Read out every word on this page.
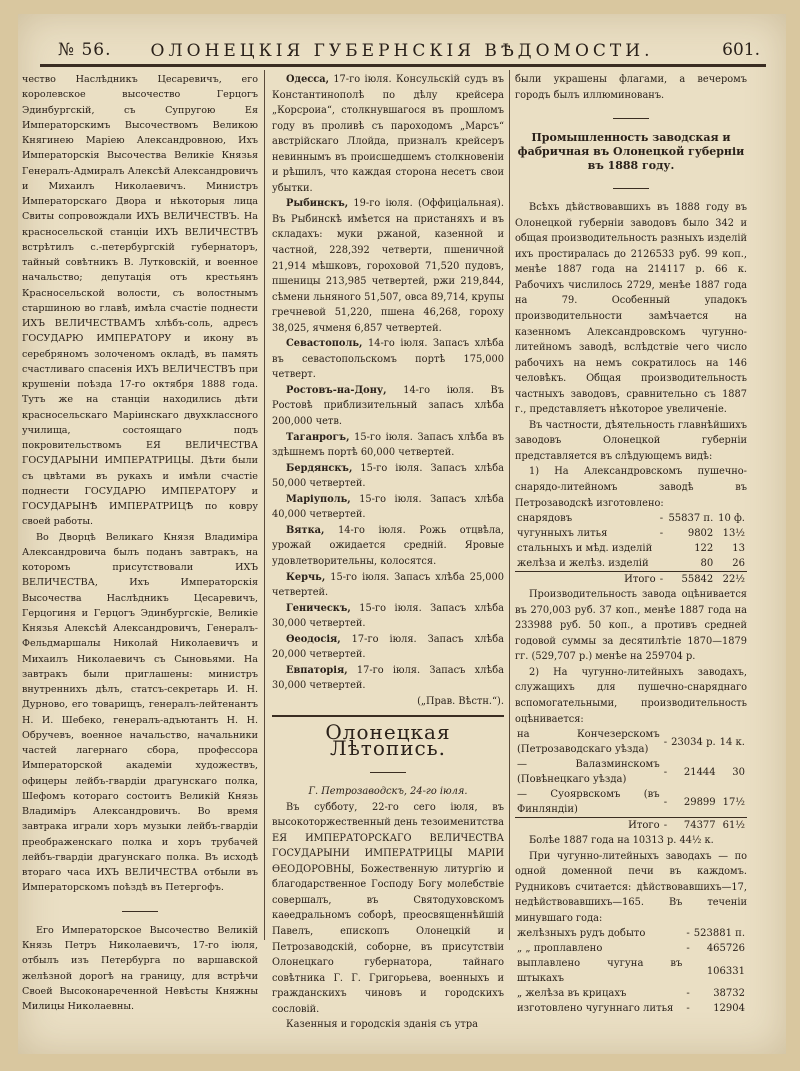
№ 56.	ОЛОНЕЦКІЯ ГУБЕРНСКІЯ ВѢДОМОСТИ.	601.

чество Наслѣдникъ Цесаревичъ, его королевское высочество Герцогъ Эдинбургскій, съ Супругою Ея Императорскимъ Высочествомъ Великою Княгинею Маріею Александровною, Ихъ Императорскія Высочества Великіе Князья Генералъ-Адмиралъ Алексѣй Александровичъ и Михаилъ Николаевичъ. Министръ Императорскаго Двора и нѣкоторыя лица Свиты сопровождали ИХЪ ВЕЛИЧЕСТВЪ. На красносельской станціи ИХЪ ВЕЛИЧЕСТВЪ встрѣтилъ с.-петербургскій губернаторъ, тайный совѣтникъ В. Лутковскій, и военное начальство; депутація отъ крестьянъ Красносельской волости, съ волостнымъ старшиною во главѣ, имѣла счастіе поднести ИХЪ ВЕЛИЧЕСТВАМЪ хлѣбъ-соль, адресъ ГОСУДАРЮ ИМПЕРАТОРУ и икону въ серебряномъ золоченомъ окладѣ, въ память счастливаго спасенія ИХЪ ВЕЛИЧЕСТВЪ при крушеніи поѣзда 17-го октября 1888 года. Тутъ же на станціи находились дѣти красносельскаго Маріинскаго двухклассного училища, состоящаго подъ покровительствомъ ЕЯ ВЕЛИЧЕСТВА ГОСУДАРЫНИ ИМПЕРАТРИЦЫ. Дѣти были съ цвѣтами въ рукахъ и имѣли счастіе поднести ГОСУДАРЮ ИМПЕРАТОРУ и ГОСУДАРЫНѢ ИМПЕРАТРИЦѢ по ковру своей работы.

Во Дворцѣ Великаго Князя Владиміра Александровича былъ поданъ завтракъ, на которомъ присутствовали ИХЪ ВЕЛИЧЕСТВА, Ихъ Императорскія Высочества Наслѣдникъ Цесаревичъ, Герцогиня и Герцогъ Эдинбургскіе, Великіе Князья Алексѣй Александровичъ, Генералъ-Фельдмаршалы Николай Николаевичъ и Михаилъ Николаевичъ съ Сыновьями. На завтракъ были приглашены: министръ внутреннихъ дѣлъ, статсъ-секретарь И. Н. Дурново, его товарищъ, генералъ-лейтенантъ Н. И. Шебеко, генералъ-адъютантъ Н. Н. Обручевъ, военное начальство, начальники частей лагернаго сбора, профессора Императорской академіи художествъ, офицеры лейбъ-гвардіи драгунскаго полка, Шефомъ котораго состоитъ Великій Князь Владиміръ Александровичъ. Во время завтрака играли хоръ музыки лейбъ-гвардіи преображенскаго полка и хоръ трубачей лейбъ-гвардіи драгунскаго полка. Въ исходѣ втораго часа ИХЪ ВЕЛИЧЕСТВА отбыли въ Императорскомъ поѣздѣ въ Петергофъ.

Его Императорское Высочество Великій Князь Петръ Николаевичъ, 17-го іюля, отбылъ изъ Петербурга по варшавской желѣзной дорогѣ на границу, для встрѣчи Своей Высоконареченной Невѣсты Княжны Милицы Николаевны.

Одесса, 17-го іюля. Консульскій судъ въ Константинополѣ по дѣлу крейсера „Корсроиа“, столкнувшагося въ прошломъ году въ проливѣ съ пароходомъ „Марсъ“ австрійскаго Ллойда, призналъ крейсеръ невиннымъ въ происшедшемъ столкновеніи и рѣшилъ, что каждая сторона несетъ свои убытки.

Рыбинскъ, 19-го іюля. (Оффиціальная). Въ Рыбинскѣ имѣется на пристаняхъ и въ складахъ: муки ржаной, казенной и частной, 228,392 четверти, пшеничной 21,914 мѣшковъ, гороховой 71,520 пудовъ, пшеницы 213,985 четвертей, ржи 219,844, сѣмени льняного 51,507, овса 89,714, крупы гречневой 51,220, пшена 46,268, гороху 38,025, ячменя 6,857 четвертей.

Севастополь, 14-го іюля. Запасъ хлѣба въ севастопольскомъ портѣ 175,000 четверт.

Ростовъ-на-Дону, 14-го іюля. Въ Ростовѣ приблизительный запасъ хлѣба 200,000 четв.

Таганрогъ, 15-го іюля. Запасъ хлѣба въ здѣшнемъ портѣ 60,000 четвертей.

Бердянскъ, 15-го іюля. Запасъ хлѣба 50,000 четвертей.

Маріуполь, 15-го іюля. Запасъ хлѣба 40,000 четвертей.

Вятка, 14-го іюля. Рожь отцвѣла, урожай ожидается средній. Яровые удовлетворительны, колосятся.

Керчь, 15-го іюля. Запасъ хлѣба 25,000 четвертей.

Геническъ, 15-го іюля. Запасъ хлѣба 30,000 четвертей.

Ѳеодосія, 17-го іюля. Запасъ хлѣба 20,000 четвертей.

Евпаторія, 17-го іюля. Запасъ хлѣба 30,000 четвертей.

(„Прав. Вѣстн.“).
Олонецкая Лѣтопись.

Г. Петрозаводскъ, 24-го іюля.

Въ субботу, 22-го сего іюля, въ высокоторжественный день тезоименитства ЕЯ ИМПЕРАТОРСКАГО ВЕЛИЧЕСТВА ГОСУДАРЫНИ ИМПЕРАТРИЦЫ МАРІИ ѲЕОДОРОВНЫ, Божественную литургію и благодарственное Господу Богу молебствіе совершалъ, въ Святодуховскомъ каѳедральномъ соборѣ, преосвященнѣйшій Павелъ, епископъ Олонецкій и Петрозаводскій, соборне, въ присутствіи Олонецкаго губернатора, тайнаго совѣтника Г. Г. Григорьева, военныхъ и гражданскихъ чиновъ и городскихъ сословій.

Казенныя и городскія зданія съ утра

были украшены флагами, а вечеромъ городъ былъ иллюминованъ.

Промышленность заводская и фабричная въ Олонецкой губерніи въ 1888 году.

Всѣхъ дѣйствовавшихъ въ 1888 году въ Олонецкой губерніи заводовъ было 342 и общая производительность разныхъ изделій ихъ простиралась до 2126533 руб. 99 коп., менѣе 1887 года на 214117 р. 66 к. Рабочихъ числилось 2729, менѣе 1887 года на 79. Особенный упадокъ производительности замѣчается на казенномъ Александровскомъ чугунно-литейномъ заводѣ, вслѣдствіе чего число рабочихъ на немъ сократилось на 146 человѣкъ. Общая производительность частныхъ заводовъ, сравнительно съ 1887 г., представляетъ нѣкоторое увеличеніе.

Въ частности, дѣятельность главнѣйшихъ заводовъ Олонецкой губерніи представляется въ слѣдующемъ видѣ:

1) На Александровскомъ пушечно-снарядо-литейномъ заводѣ въ Петрозаводскѣ изготовлено:

снарядовъ	-	55837 п.	10 ф.
чугунныхъ литья	-	9802	13½
стальныхъ и мѣд. изделій		122	13
желѣза и желѣз. изделій		80	26
Итого	-	55842	22½

Производительность завода оцѣнивается въ 270,003 руб. 37 коп., менѣе 1887 года на 233988 руб. 50 коп., а противъ средней годовой суммы за десятилѣтіе 1870—1879 гг. (529,707 р.) менѣе на 259704 р.

2) На чугунно-литейныхъ заводахъ, служащихъ для пушечно-снаряднаго вспомогательными, производительность оцѣнивается:

на Кончезерскомъ (Петрозаводскаго уѣзда)	-	23034 р.	14 к.
— Валазминскомъ (Повѣнецкаго уѣзда)	-	21444	30
— Суоярвскомъ (въ Финляндіи)	-	29899	17½
Итого	-	74377	61½

Болѣе 1887 года на 10313 р. 44½ к.

При чугунно-литейныхъ заводахъ — по одной доменной печи въ каждомъ. Рудниковъ считается: дѣйствовавшихъ—17, недѣйствовавшихъ—165. Въ теченіи минувшаго года:

желѣзныхъ рудъ добыто	-	523881 п.
„ „ проплавлено	-	465726
выплавлено чугуна въ штыкахъ		106331
„ желѣза въ крицахъ	-	38732
изготовлено чугуннаго литья	-	12904
